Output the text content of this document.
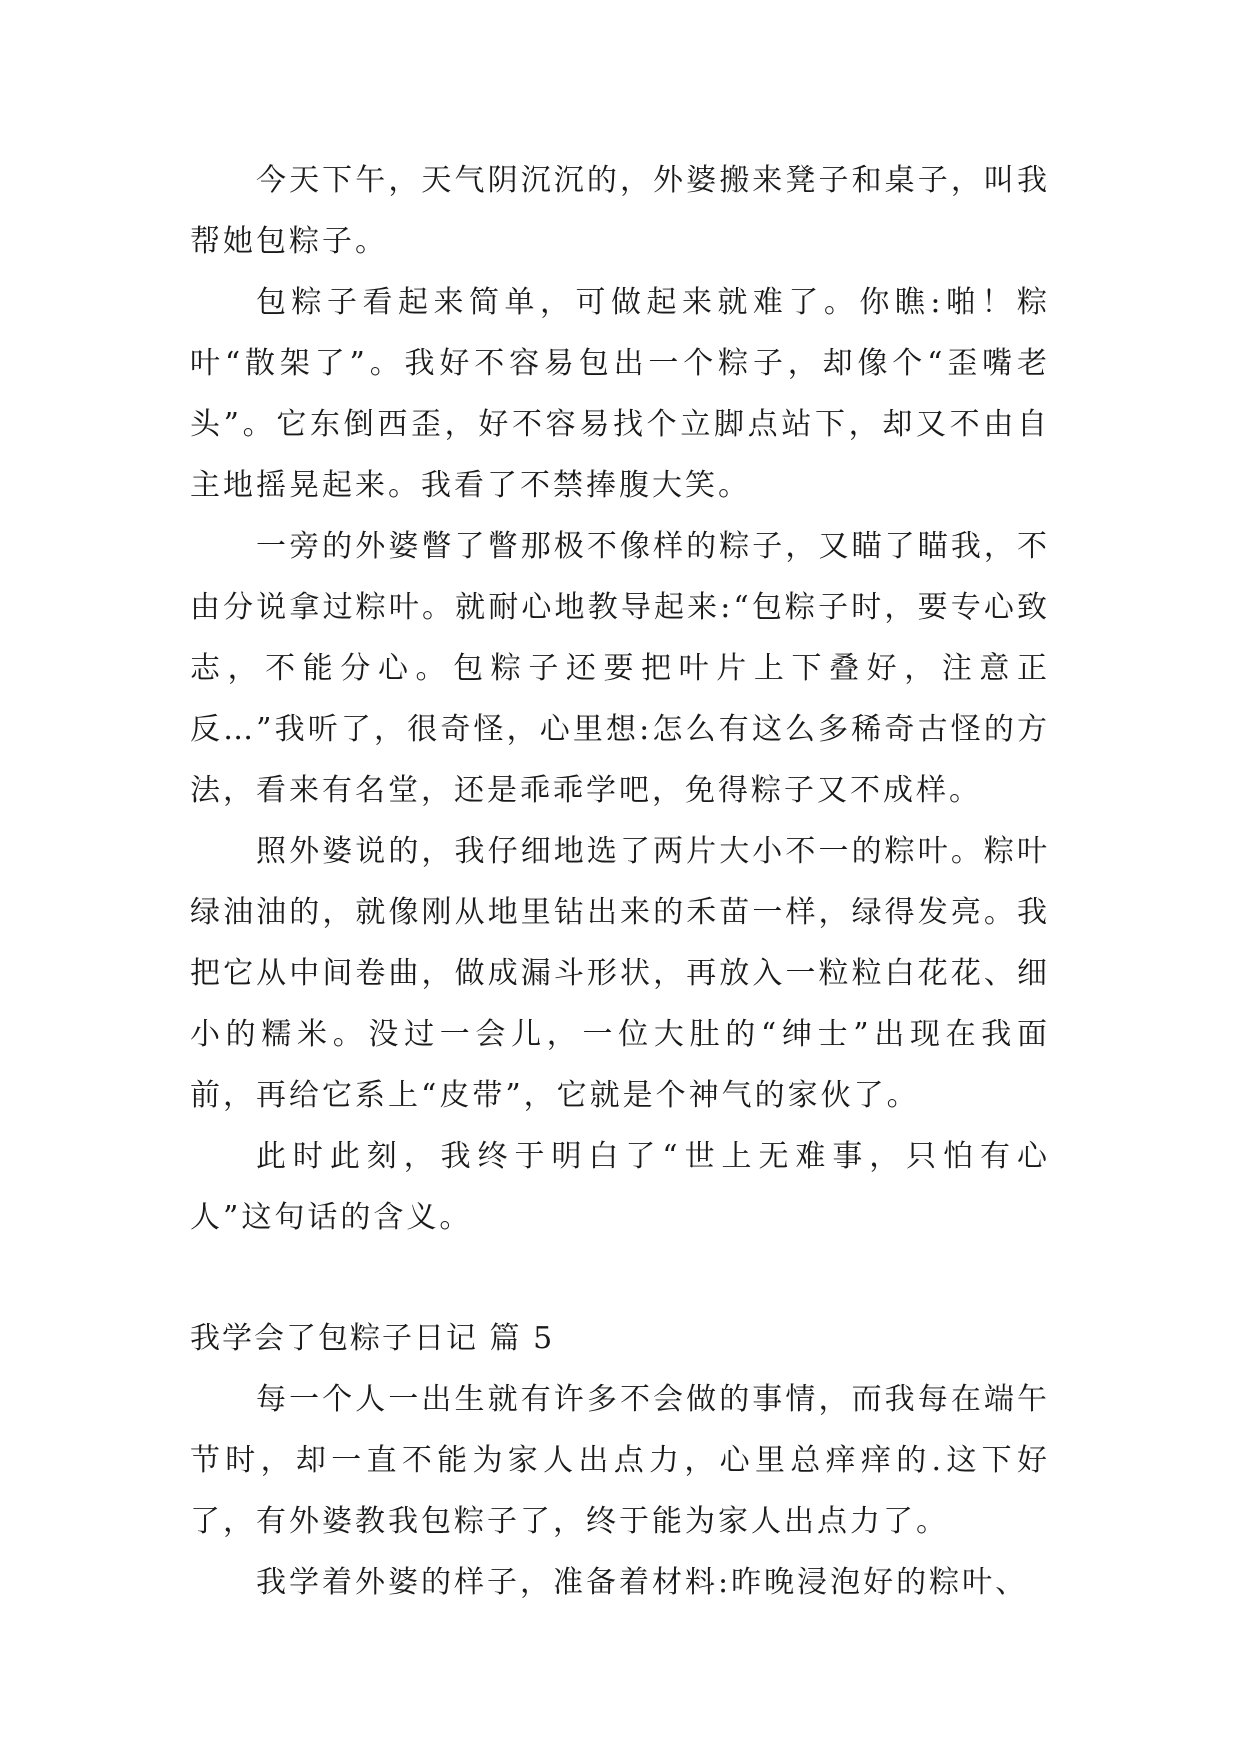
今天下午，天气阴沉沉的，外婆搬来凳子和桌子，叫我帮她包粽子。

包粽子看起来简单，可做起来就难了。你瞧:啪！粽叶“散架了”。我好不容易包出一个粽子，却像个“歪嘴老头”。它东倒西歪，好不容易找个立脚点站下，却又不由自主地摇晃起来。我看了不禁捧腹大笑。

一旁的外婆瞥了瞥那极不像样的粽子，又瞄了瞄我，不由分说拿过粽叶。就耐心地教导起来:“包粽子时，要专心致志，不能分心。包粽子还要把叶片上下叠好，注意正反…”我听了，很奇怪，心里想:怎么有这么多稀奇古怪的方法，看来有名堂，还是乖乖学吧，免得粽子又不成样。

照外婆说的，我仔细地选了两片大小不一的粽叶。粽叶绿油油的，就像刚从地里钻出来的禾苗一样，绿得发亮。我把它从中间卷曲，做成漏斗形状，再放入一粒粒白花花、细小的糯米。没过一会儿，一位大肚的“绅士”出现在我面前，再给它系上“皮带”，它就是个神气的家伙了。

此时此刻，我终于明白了“世上无难事，只怕有心人”这句话的含义。

我学会了包粽子日记 篇 5

每一个人一出生就有许多不会做的事情，而我每在端午节时，却一直不能为家人出点力，心里总痒痒的.这下好了，有外婆教我包粽子了，终于能为家人出点力了。

我学着外婆的样子，准备着材料:昨晚浸泡好的粽叶、
